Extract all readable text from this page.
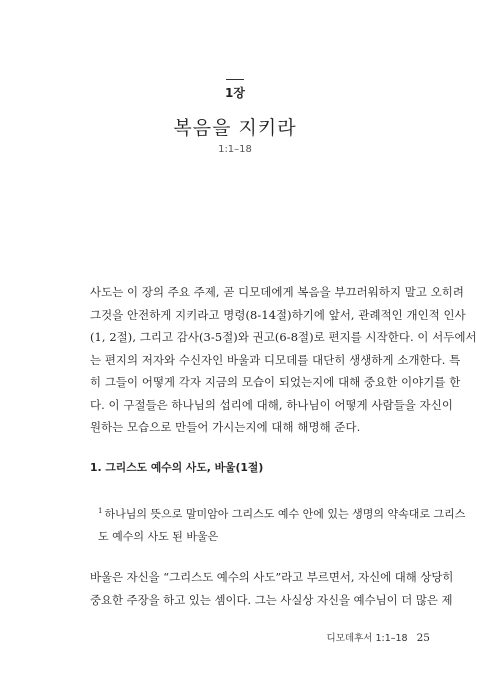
1장
복음을 지키라
1:1–18
사도는 이 장의 주요 주제, 곧 디모데에게 복음을 부끄러워하지 말고 오히려
그것을 안전하게 지키라고 명령(8-14절)하기에 앞서, 관례적인 개인적 인사
(1, 2절), 그리고 감사(3-5절)와 권고(6-8절)로 편지를 시작한다. 이 서두에서
는 편지의 저자와 수신자인 바울과 디모데를 대단히 생생하게 소개한다. 특
히 그들이 어떻게 각자 지금의 모습이 되었는지에 대해 중요한 이야기를 한
다. 이 구절들은 하나님의 섭리에 대해, 하나님이 어떻게 사람들을 자신이
원하는 모습으로 만들어 가시는지에 대해 해명해 준다.
1. 그리스도 예수의 사도, 바울(1절)
$^1$ 하나님의 뜻으로 말미암아 그리스도 예수 안에 있는 생명의 약속대로 그리스
도 예수의 사도 된 바울은
바울은 자신을 “그리스도 예수의 사도”라고 부르면서, 자신에 대해 상당히
중요한 주장을 하고 있는 셈이다. 그는 사실상 자신을 예수님이 더 많은 제
디모데후서 1:1–18 25
